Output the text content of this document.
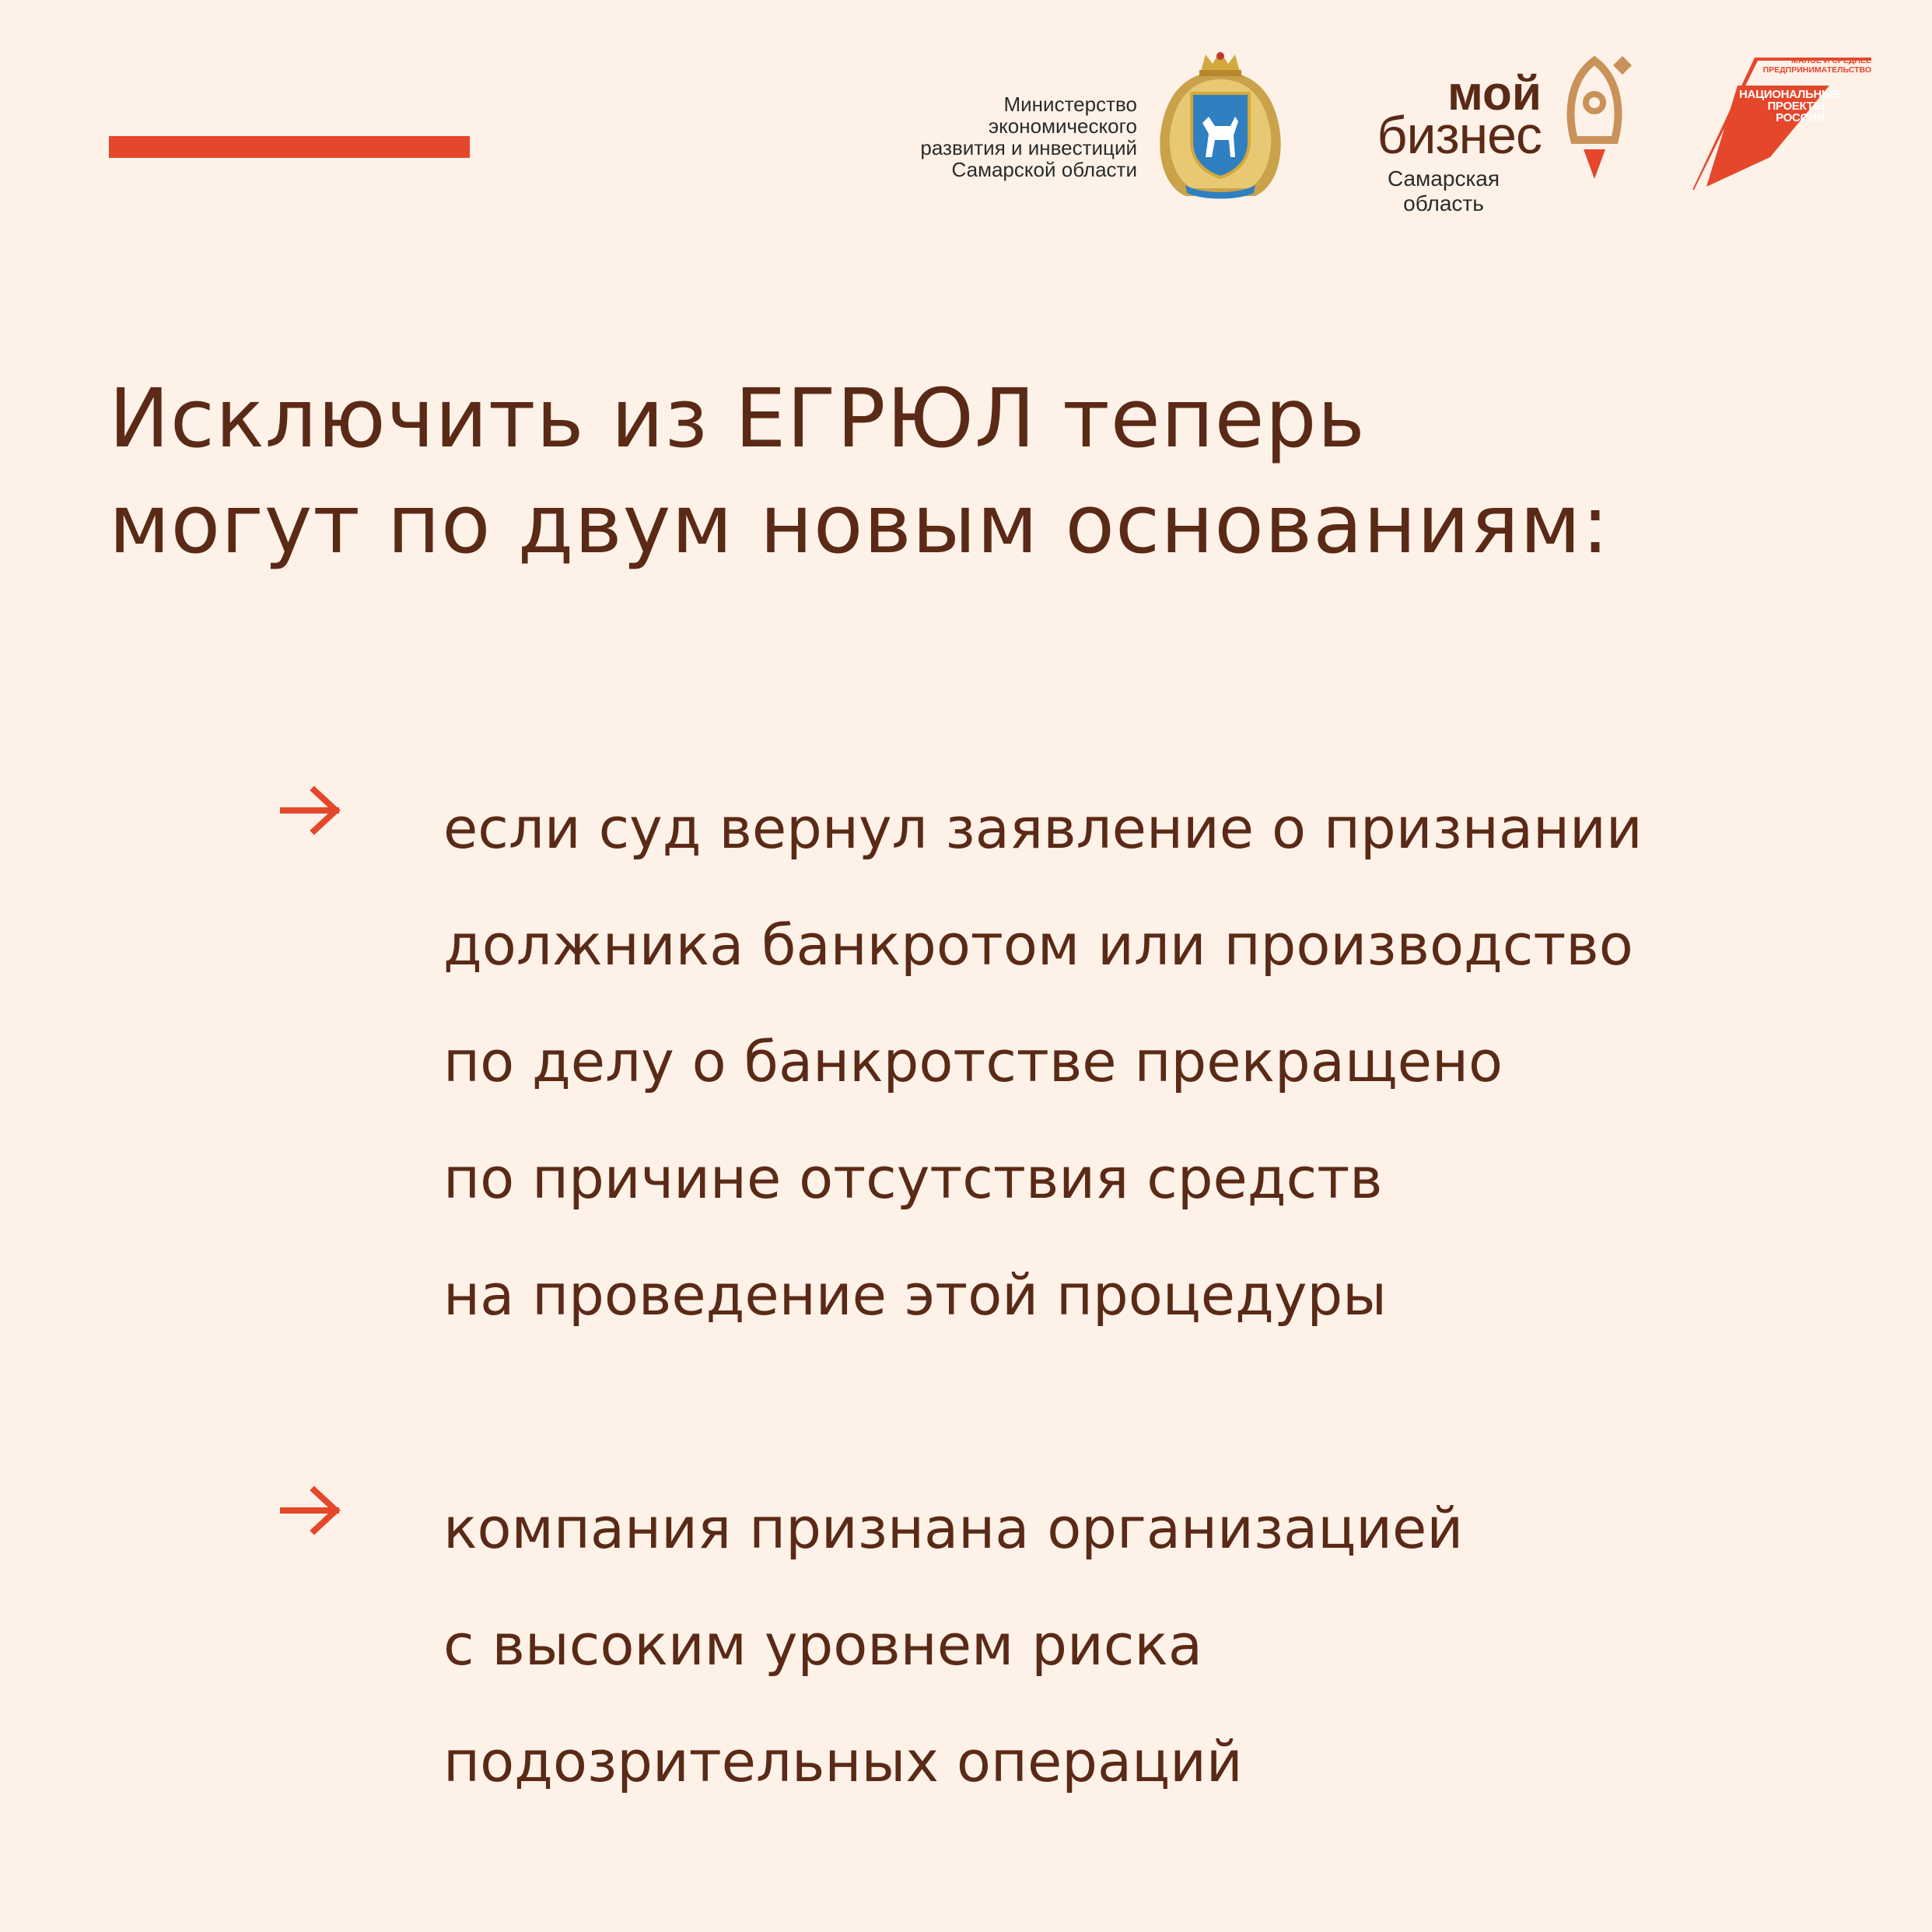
Министерство
экономического
развития и инвестиций
Самарской области
мой
бизнес
Самарская область
МАЛОЕ И СРЕДНЕЕ
ПРЕДПРИНИМАТЕЛЬСТВО
НАЦИОНАЛЬНЫЕ
ПРОЕКТЫ
РОССИИ
Исключить из ЕГРЮЛ теперь
могут по двум новым основаниям:
если суд вернул заявление о признании
должника банкротом или производство
по делу о банкротстве прекращено
по причине отсутствия средств
на проведение этой процедуры
компания признана организацией
с высоким уровнем риска
подозрительных операций
